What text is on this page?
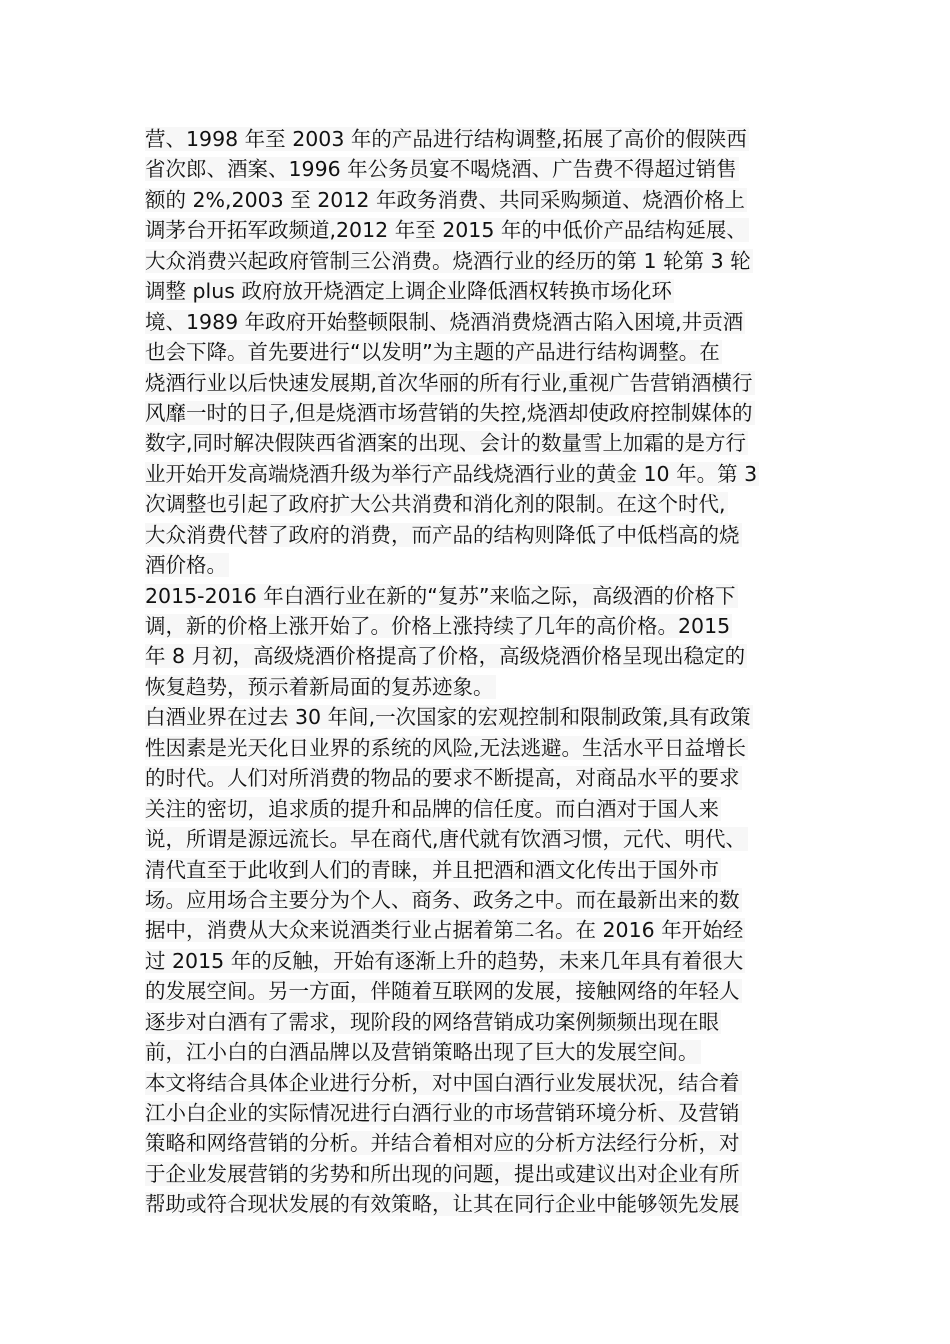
营、1998 年至 2003 年的产品进行结构调整,拓展了高价的假陕西
省次郎、酒案、1996 年公务员宴不喝烧酒、广告费不得超过销售
额的 2%,2003 至 2012 年政务消费、共同采购频道、烧酒价格上
调茅台开拓军政频道,2012 年至 2015 年的中低价产品结构延展、
大众消费兴起政府管制三公消费。烧酒行业的经历的第 1 轮第 3 轮
调整 plus 政府放开烧酒定上调企业降低酒权转换市场化环
境、1989 年政府开始整顿限制、烧酒消费烧酒古陷入困境,井贡酒
也会下降。首先要进行“以发明”为主题的产品进行结构调整。在
烧酒行业以后快速发展期,首次华丽的所有行业,重视广告营销酒横行
风靡一时的日子,但是烧酒市场营销的失控,烧酒却使政府控制媒体的
数字,同时解决假陕西省酒案的出现、会计的数量雪上加霜的是方行
业开始开发高端烧酒升级为举行产品线烧酒行业的黄金 10 年。第 3
次调整也引起了政府扩大公共消费和消化剂的限制。在这个时代,
大众消费代替了政府的消费，而产品的结构则降低了中低档高的烧
酒价格。
2015-2016 年白酒行业在新的“复苏”来临之际，高级酒的价格下
调，新的价格上涨开始了。价格上涨持续了几年的高价格。2015
年 8 月初，高级烧酒价格提高了价格，高级烧酒价格呈现出稳定的
恢复趋势，预示着新局面的复苏迹象。
白酒业界在过去 30 年间,一次国家的宏观控制和限制政策,具有政策
性因素是光天化日业界的系统的风险,无法逃避。生活水平日益增长
的时代。人们对所消费的物品的要求不断提高，对商品水平的要求
关注的密切，追求质的提升和品牌的信任度。而白酒对于国人来
说，所谓是源远流长。早在商代,唐代就有饮酒习惯，元代、明代、
清代直至于此收到人们的青睐，并且把酒和酒文化传出于国外市
场。应用场合主要分为个人、商务、政务之中。而在最新出来的数
据中，消费从大众来说酒类行业占据着第二名。在 2016 年开始经
过 2015 年的反触，开始有逐渐上升的趋势，未来几年具有着很大
的发展空间。另一方面，伴随着互联网的发展，接触网络的年轻人
逐步对白酒有了需求，现阶段的网络营销成功案例频频出现在眼
前，江小白的白酒品牌以及营销策略出现了巨大的发展空间。
本文将结合具体企业进行分析，对中国白酒行业发展状况，结合着
江小白企业的实际情况进行白酒行业的市场营销环境分析、及营销
策略和网络营销的分析。并结合着相对应的分析方法经行分析，对
于企业发展营销的劣势和所出现的问题，提出或建议出对企业有所
帮助或符合现状发展的有效策略，让其在同行企业中能够领先发展
